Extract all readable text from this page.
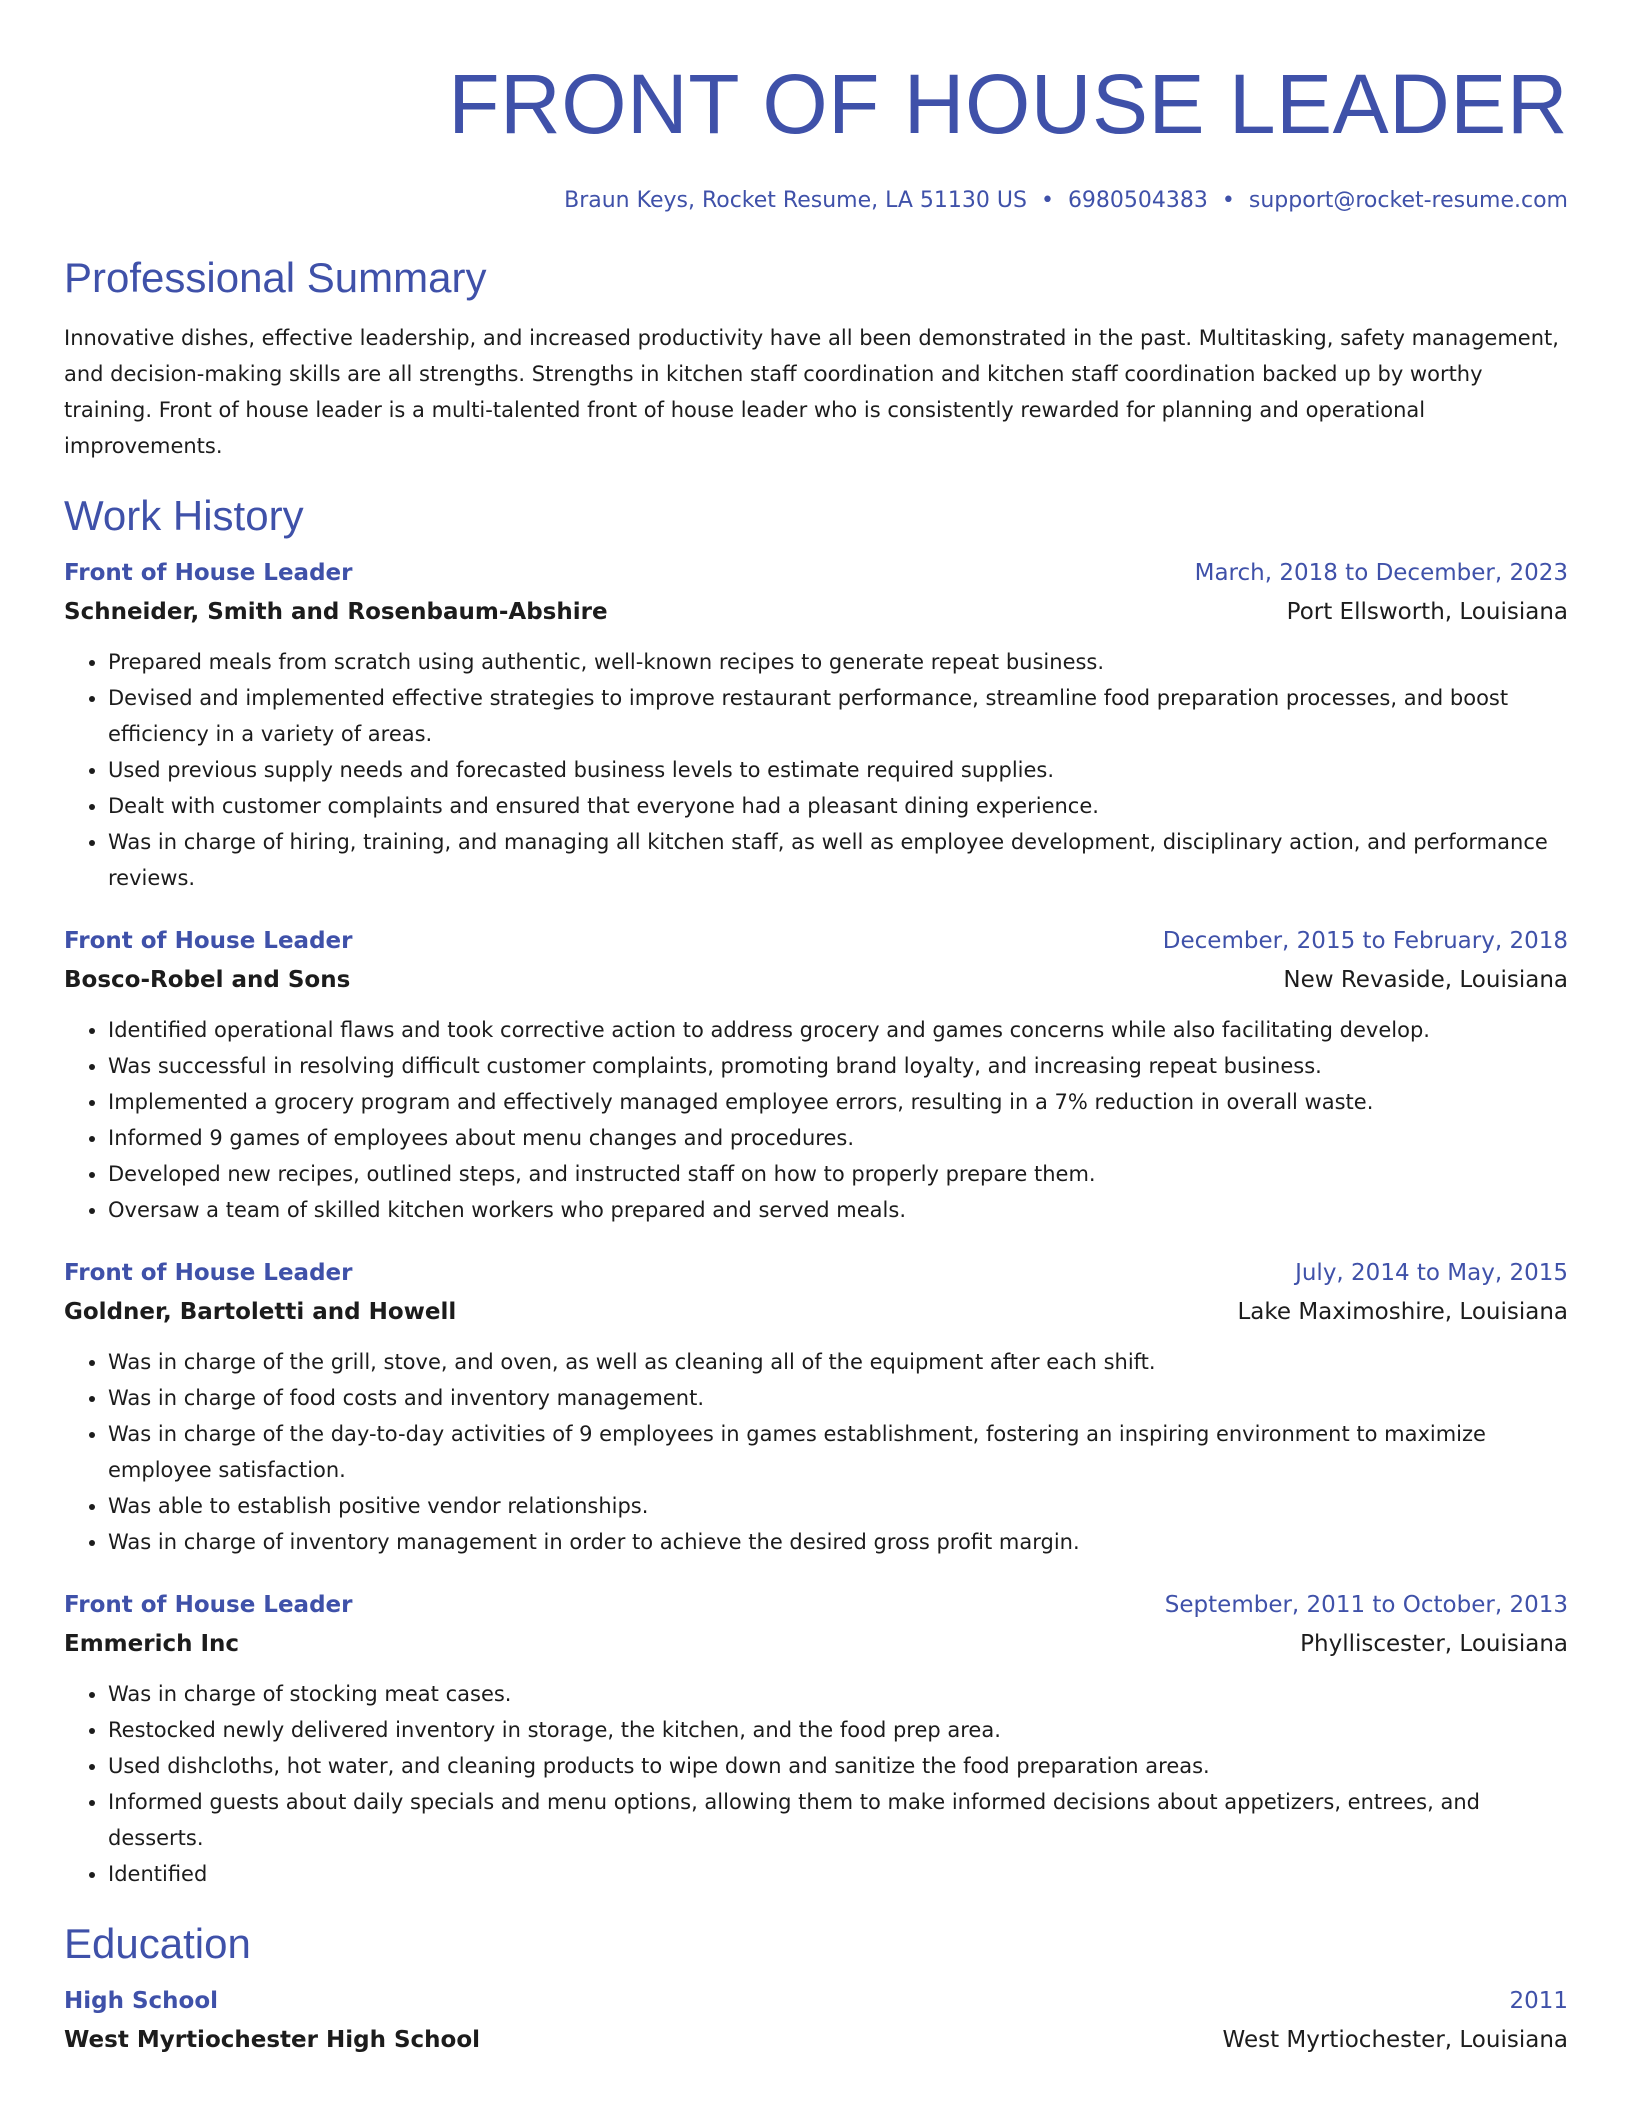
FRONT OF HOUSE LEADER
Braun Keys, Rocket Resume, LA 51130 US • 6980504383 • support@rocket-resume.com
Professional Summary

Innovative dishes, effective leadership, and increased productivity have all been demonstrated in the past. Multitasking, safety management, and decision-making skills are all strengths. Strengths in kitchen staff coordination and kitchen staff coordination backed up by worthy training. Front of house leader is a multi-talented front of house leader who is consistently rewarded for planning and operational improvements.

Work History
Front of House Leader	March, 2018 to December, 2023
Schneider, Smith and Rosenbaum-Abshire	Port Ellsworth, Louisiana
• Prepared meals from scratch using authentic, well-known recipes to generate repeat business.
• Devised and implemented effective strategies to improve restaurant performance, streamline food preparation processes, and boost efficiency in a variety of areas.
• Used previous supply needs and forecasted business levels to estimate required supplies.
• Dealt with customer complaints and ensured that everyone had a pleasant dining experience.
• Was in charge of hiring, training, and managing all kitchen staff, as well as employee development, disciplinary action, and performance reviews.
Front of House Leader	December, 2015 to February, 2018
Bosco-Robel and Sons	New Revaside, Louisiana
• Identified operational flaws and took corrective action to address grocery and games concerns while also facilitating develop.
• Was successful in resolving difficult customer complaints, promoting brand loyalty, and increasing repeat business.
• Implemented a grocery program and effectively managed employee errors, resulting in a 7% reduction in overall waste.
• Informed 9 games of employees about menu changes and procedures.
• Developed new recipes, outlined steps, and instructed staff on how to properly prepare them.
• Oversaw a team of skilled kitchen workers who prepared and served meals.
Front of House Leader	July, 2014 to May, 2015
Goldner, Bartoletti and Howell	Lake Maximoshire, Louisiana
• Was in charge of the grill, stove, and oven, as well as cleaning all of the equipment after each shift.
• Was in charge of food costs and inventory management.
• Was in charge of the day-to-day activities of 9 employees in games establishment, fostering an inspiring environment to maximize employee satisfaction.
• Was able to establish positive vendor relationships.
• Was in charge of inventory management in order to achieve the desired gross profit margin.
Front of House Leader	September, 2011 to October, 2013
Emmerich Inc	Phylliscester, Louisiana
• Was in charge of stocking meat cases.
• Restocked newly delivered inventory in storage, the kitchen, and the food prep area.
• Used dishcloths, hot water, and cleaning products to wipe down and sanitize the food preparation areas.
• Informed guests about daily specials and menu options, allowing them to make informed decisions about appetizers, entrees, and desserts.
• Identified
Education
High School	2011
West Myrtiochester High School	West Myrtiochester, Louisiana
